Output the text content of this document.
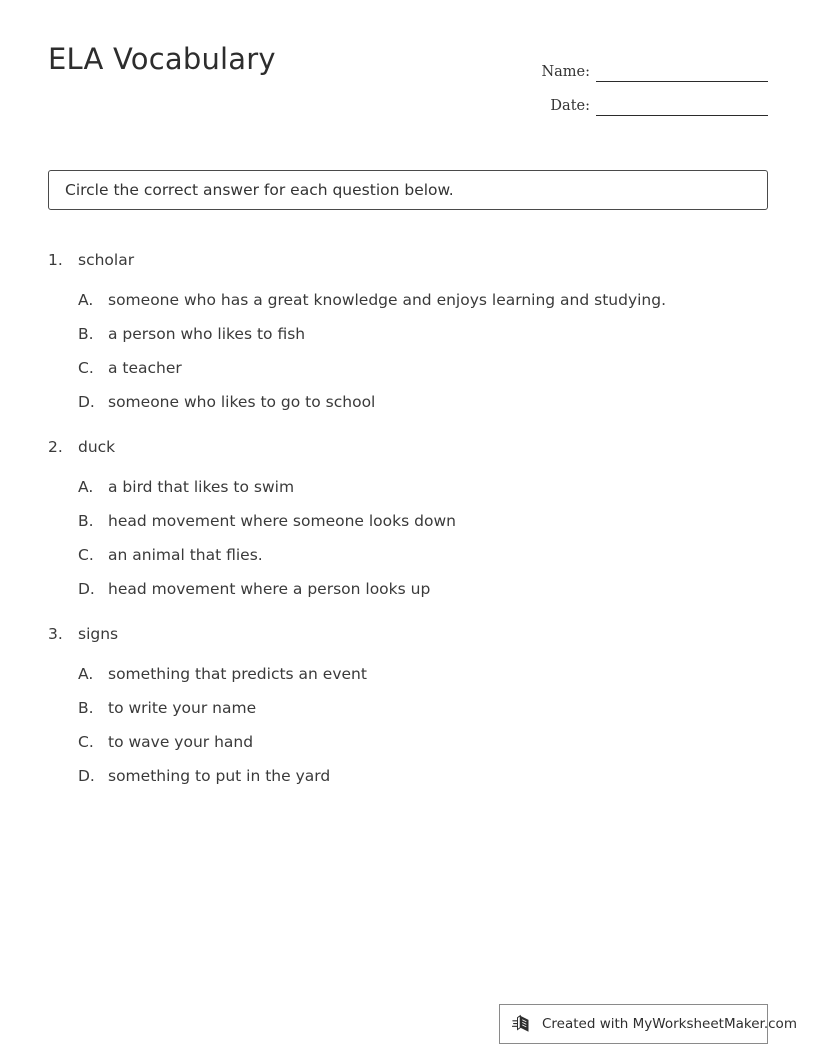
ELA Vocabulary	Name:
Date:
Circle the correct answer for each question below.
1. scholar
A. someone who has a great knowledge and enjoys learning and studying.
B. a person who likes to fish
C. a teacher
D. someone who likes to go to school
2. duck
A. a bird that likes to swim
B. head movement where someone looks down
C. an animal that flies.
D. head movement where a person looks up
3. signs
A. something that predicts an event
B. to write your name
C. to wave your hand
D. something to put in the yard
Created with MyWorksheetMaker.com
